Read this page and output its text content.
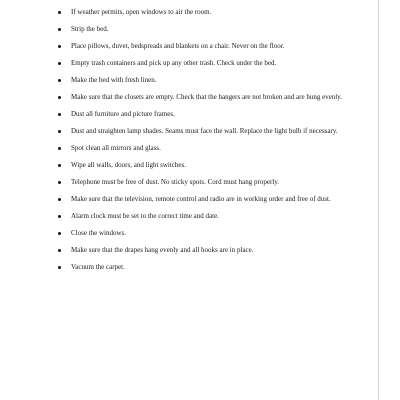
If weather permits, open windows to air the room.
Strip the bed.
Place pillows, duvet, bedspreads and blankets on a chair. Never on the floor.
Empty trash containers and pick up any other trash. Check under the bed.
Make the bed with fresh linen.
Make sure that the closets are empty. Check that the hangers are not broken and are hung evenly.
Dust all furniture and picture frames.
Dust and straighten lamp shades. Seams must face the wall. Replace the light bulb if necessary.
Spot clean all mirrors and glass.
Wipe all walls, doors, and light switches.
Telephone must be free of dust. No sticky spots. Cord must hang properly.
Make sure that the television, remote control and radio are in working order and free of dust.
Alarm clock must be set to the correct time and date.
Close the windows.
Make sure that the drapes hang evenly and all hooks are in place.
Vacuum the carpet.
